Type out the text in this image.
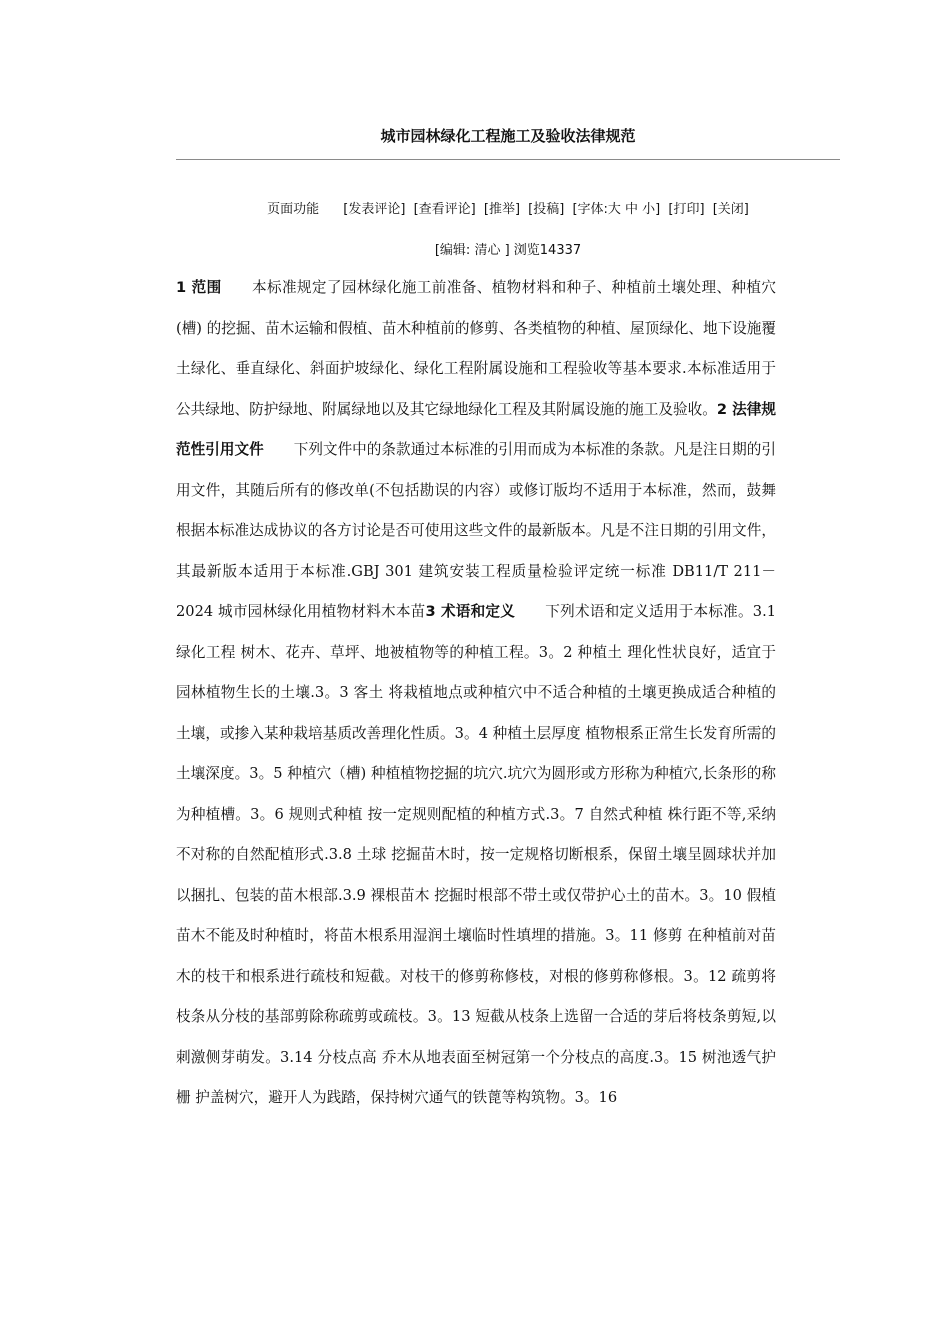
城市园林绿化工程施工及验收法律规范
页面功能 [发表评论] [查看评论] [推举] [投稿] [字体:大 中 小] [打印] [关闭]
[编辑: 清心 ] 浏览14337
1 范围 本标准规定了园林绿化施工前准备、植物材料和种子、种植前土壤处理、种植穴(槽) 的挖掘、苗木运输和假植、苗木种植前的修剪、各类植物的种植、屋顶绿化、地下设施覆土绿化、垂直绿化、斜面护坡绿化、绿化工程附属设施和工程验收等基本要求.本标准适用于公共绿地、防护绿地、附属绿地以及其它绿地绿化工程及其附属设施的施工及验收。2 法律规范性引用文件 下列文件中的条款通过本标准的引用而成为本标准的条款。凡是注日期的引用文件，其随后所有的修改单(不包括勘误的内容）或修订版均不适用于本标准，然而，鼓舞根据本标准达成协议的各方讨论是否可使用这些文件的最新版本。凡是不注日期的引用文件，其最新版本适用于本标准.GBJ 301 建筑安装工程质量检验评定统一标准 DB11/T 211－2024 城市园林绿化用植物材料木本苗3 术语和定义 下列术语和定义适用于本标准。3.1 绿化工程 树木、花卉、草坪、地被植物等的种植工程。3。2 种植土 理化性状良好，适宜于园林植物生长的土壤.3。3 客土 将栽植地点或种植穴中不适合种植的土壤更换成适合种植的土壤，或掺入某种栽培基质改善理化性质。3。4 种植土层厚度 植物根系正常生长发育所需的土壤深度。3。5 种植穴（槽) 种植植物挖掘的坑穴.坑穴为圆形或方形称为种植穴,长条形的称为种植槽。3。6 规则式种植 按一定规则配植的种植方式.3。7 自然式种植 株行距不等,采纳不对称的自然配植形式.3.8 土球 挖掘苗木时，按一定规格切断根系，保留土壤呈圆球状并加以捆扎、包装的苗木根部.3.9 裸根苗木 挖掘时根部不带土或仅带护心土的苗木。3。10 假植 苗木不能及时种植时，将苗木根系用湿润土壤临时性填埋的措施。3。11 修剪 在种植前对苗木的枝干和根系进行疏枝和短截。对枝干的修剪称修枝，对根的修剪称修根。3。12 疏剪将枝条从分枝的基部剪除称疏剪或疏枝。3。13 短截从枝条上选留一合适的芽后将枝条剪短,以刺激侧芽萌发。3.14 分枝点高 乔木从地表面至树冠第一个分枝点的高度.3。15 树池透气护栅 护盖树穴，避开人为践踏，保持树穴通气的铁蓖等构筑物。3。16
